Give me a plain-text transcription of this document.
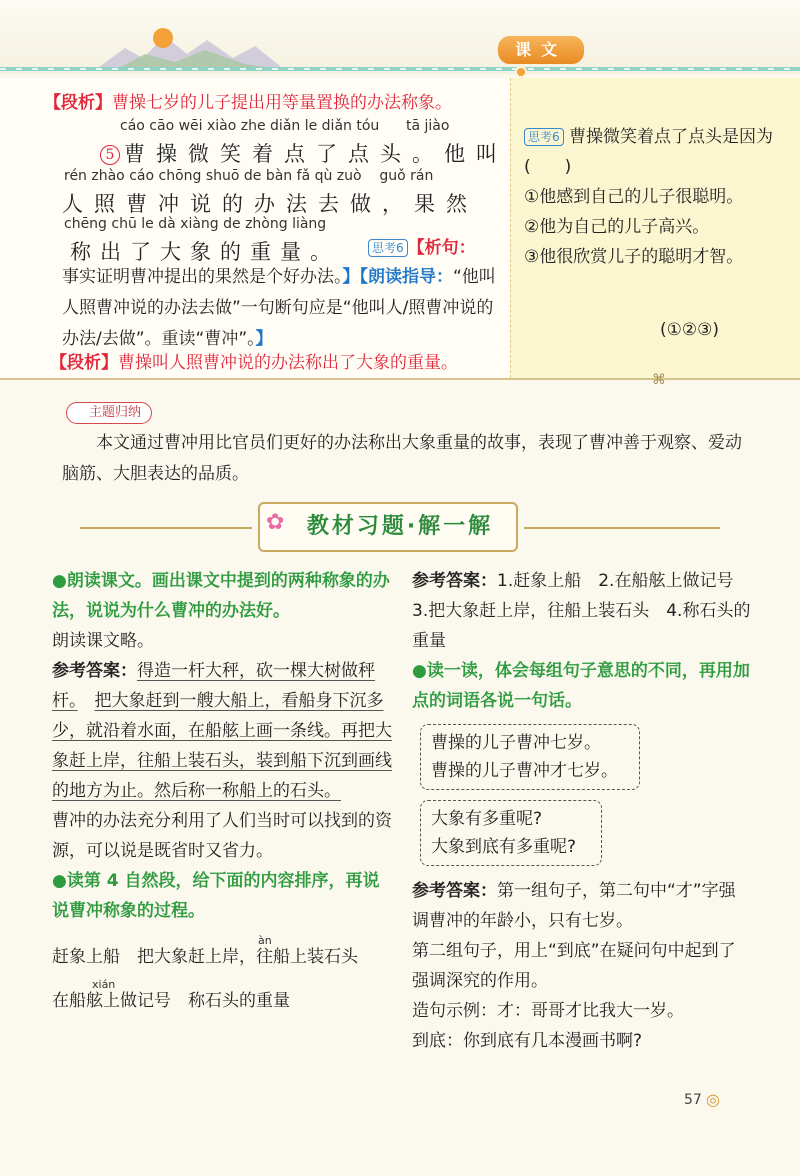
课文
⌘
【段析】曹操七岁的儿子提出用等量置换的办法称象。
cáo cāo wēi xiào zhe diǎn le diǎn tóu      tā jiào
5 曹操微笑着点了点头。他叫
rén zhào cáo chōng shuō de bàn fǎ qù zuò    guǒ rán
人照曹冲说的办法去做，果然
chēng chū le dà xiàng de zhòng liàng
称出了大象的重量。	思考6 【析句：
事实证明曹冲提出的果然是个好办法。】【朗读指导：“他叫人照曹冲说的办法去做”一句断句应是“他叫人/照曹冲说的办法/去做”。重读“曹冲”。】
【段析】曹操叫人照曹冲说的办法称出了大象的重量。
思考6 曹操微笑着点了点头是因为(　　)
①他感到自己的儿子很聪明。
②他为自己的儿子高兴。
③他很欣赏儿子的聪明才智。
(①②③)
主题归纳
本文通过曹冲用比官员们更好的办法称出大象重量的故事，表现了曹冲善于观察、爱动脑筋、大胆表达的品质。
教材习题·解一解
✿
●朗读课文。画出课文中提到的两种称象的办法，说说为什么曹冲的办法好。
朗读课文略。
参考答案：得造一杆大秤，砍一棵大树做秤杆。　 把大象赶到一艘大船上，看船身下沉多少，就沿着水面，在船舷上画一条线。再把大象赶上岸，往船上装石头，装到船下沉到画线的地方为止。然后称一称船上的石头。
曹冲的办法充分利用了人们当时可以找到的资源，可以说是既省时又省力。
●读第 4 自然段，给下面的内容排序，再说说曹冲称象的过程。
àn
赶象上船　把大象赶上岸，往船上装石头
xián
在船舷上做记号　称石头的重量
参考答案：1.赶象上船　2.在船舷上做记号　3.把大象赶上岸，往船上装石头　4.称石头的重量
●读一读，体会每组句子意思的不同，再用加点的词语各说一句话。
曹操的儿子曹冲七岁。
曹操的儿子曹冲才七岁。
大象有多重呢?
大象到底有多重呢?
参考答案：第一组句子，第二句中“才”字强调曹冲的年龄小，只有七岁。
第二组句子，用上“到底”在疑问句中起到了强调深究的作用。
造句示例：才：哥哥才比我大一岁。
到底：你到底有几本漫画书啊?
57 ◎
